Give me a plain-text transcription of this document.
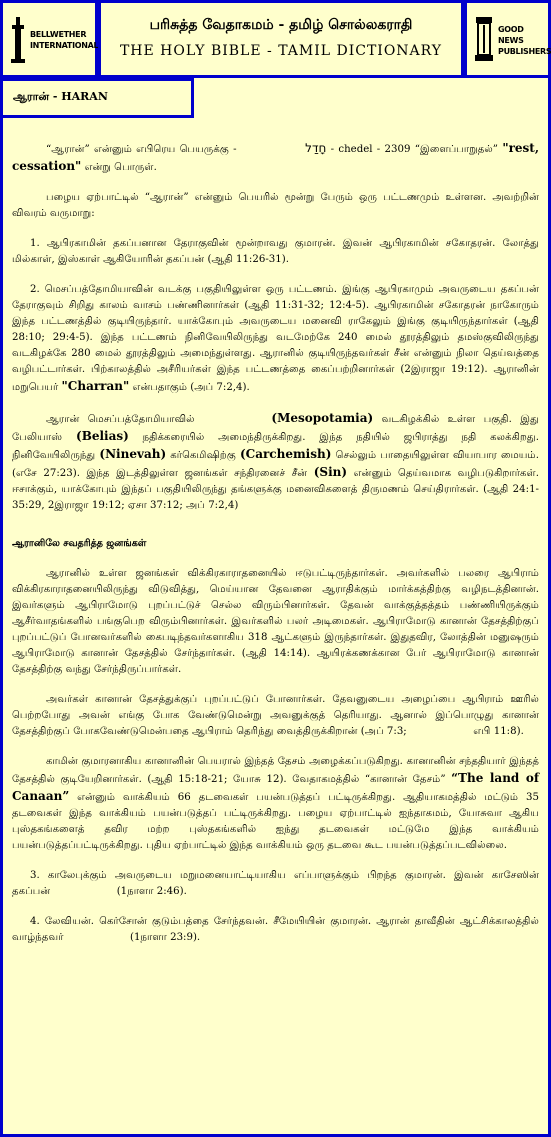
BELLWETHER
INTERNATIONAL
பரிசுத்த வேதாகமம் - தமிழ் சொல்லகராதி
THE HOLY BIBLE - TAMIL DICTIONARY
GOOD NEWS
PUBLISHERS
ஆரான் - HARAN

“ஆரான்” என்னும் எபிரெய பெயருக்கு -	חָדַל - chedel - 2309 “இளைப்பாறுதல்” "rest, cessation" என்று பொருள்.

பழைய ஏற்பாட்டில் “ஆரான்” என்னும் பெயரில் மூன்று பேரும் ஒரு பட்டணமும் உள்ளன. அவற்றின் விவரம் வருமாறு:

1. ஆபிரகாமின் தகப்பனான தேராகுவின் மூன்றாவது குமாரன். இவன் ஆபிரகாமின் சகோதரன். லோத்து மில்காள், இஸ்காள் ஆகியோரின் தகப்பன் (ஆதி 11:26-31).

2. மெசப்பத்தோமியாவின் வடக்கு பகுதியிலுள்ள ஒரு பட்டணம். இங்கு ஆபிரகாமும் அவருடைய தகப்பன் தேராகுவும் சிறிது காலம் வாசம் பண்ணினார்கள் (ஆதி 11:31-32; 12:4-5). ஆபிரகாமின் சகோதரன் நாகோரும் இந்த பட்டணத்தில் குடியிருந்தார். யாக்கோபும் அவருடைய மனைவி ராகேலும் இங்கு குடியிருந்தார்கள் (ஆதி 28:10; 29:4-5). இந்த பட்டணம் நினிவேயிலிருந்து வடமேற்கே 240 மைல் தூரத்திலும் தமஸ்குவிலிருந்து வடகிழக்கே 280 மைல் தூரத்திலும் அமைந்துள்ளது. ஆரானில் குடியிருந்தவர்கள் சீன் என்னும் நிலா தெய்வத்தை வழிபட்டார்கள். பிற்காலத்தில் அசீரியர்கள் இந்த பட்டணத்தை கைப்பற்றினார்கள் (2இராஜா 19:12). ஆரானின் மறுபெயர் "Charran" என்பதாகும் (அப் 7:2,4).

ஆரான் மெசப்பத்தோமியாவில்	(Mesopotamia) வடகிழக்கில் உள்ள பகுதி. இது பேலியாஸ் (Belias) நதிக்கரையில் அமைந்திருக்கிறது. இந்த நதியில் ஜபிராத்து நதி கலக்கிறது. நினிவேயிலிருந்து (Ninevah) கர்கெமிஷிற்கு (Carchemish) செல்லும் பாதையிலுள்ள வியாபார மையம். (எசே 27:23). இந்த இடத்திலுள்ள ஜனங்கள் சந்திரனைச் சீன் (Sin) என்னும் தெய்வமாக வழிபடுகிறார்கள். ஈசாக்கும், யாக்கோபும் இந்தப் பகுதியிலிருந்து தங்களுக்கு மனைவிகளைத் திருமணம் செய்திரார்கள். (ஆதி 24:1-35:29, 2இராஜா 19:12; ஏசா 37:12; அப் 7:2,4)

ஆரானிலே சவதரித்த ஜனங்கள்

ஆரானில் உள்ள ஜனங்கள் விக்கிரகாராதனையில் ஈடுபட்டிருந்தார்கள். அவர்களில் பலரை ஆபிராம் விக்கிரகாராதனையிலிருந்து விடுவித்து, மெய்யான தேவனை ஆராதிக்கும் மார்க்கத்திற்கு வழிநடத்தினான். இவர்களும் ஆபிராமோடு புறப்பட்டுச் செல்ல விரும்பினார்கள். தேவன் வாக்குத்தத்தம் பண்ணியிருக்கும் ஆசீர்வாதங்களில் பங்குபெற விரும்பினார்கள். இவர்களில் பலர் அடிமைகள். ஆபிராமோடு கானான் தேசத்திற்குப் புறப்பட்டுப் போனவர்களில் கைபடிந்தவர்களாகிய 318 ஆட்களும் இருந்தார்கள். இதுதவிர, லோத்தின் மனுஷரும் ஆபிராமோடு கானான் தேசத்தில் சேர்ந்தார்கள். (ஆதி 14:14). ஆயிரக்கணக்கான பேர் ஆபிராமோடு கானான் தேசத்திற்கு வந்து சேர்ந்திருப்பார்கள்.

அவர்கள் கானான் தேசத்துக்குப் புறப்பட்டுப் போனார்கள். தேவனுடைய அழைப்பை ஆபிராம் ஊரில் பெற்றபோது அவன் எங்கு போக வேண்டுமென்று அவனுக்குத் தெரியாது. ஆனால் இப்பொழுது கானான் தேசத்திற்குப் போகவேண்டுமென்பதை ஆபிராம் தெரிந்து வைத்திருக்கிறான் (அப் 7:3;	எபி 11:8).

காமின் குமாரனாகிய கானானின் பெயரால் இந்தத் தேசம் அழைக்கப்படுகிறது. கானானின் சந்ததியார் இந்தத் தேசத்தில் குடியேறினார்கள். (ஆதி 15:18-21; யோசு 12). வேதாகமத்தில் “கானான் தேசம்” “The land of Canaan” என்னும் வாக்கியம் 66 தடவைகள் பயன்படுத்தப் பட்டிருக்கிறது. ஆதியாகமத்தில் மட்டும் 35 தடவைகள் இந்த வாக்கியம் பயன்படுத்தப் பட்டிருக்கிறது. பழைய ஏற்பாட்டில் ஐந்தாகமம், யோசுவா ஆகிய புஸ்தகங்களைத் தவிர மற்ற புஸ்தகங்களில் ஐந்து தடவைகள் மட்டுமே இந்த வாக்கியம் பயன்படுத்தப்பட்டிருக்கிறது. புதிய ஏற்பாட்டில் இந்த வாக்கியம் ஒரு தடவை கூட பயன்படுத்தப்படவில்லை.

3. காலேபுக்கும் அவருடைய மறுமனையாட்டியாகிய எப்பாளுக்கும் பிறந்த குமாரன். இவன் காசேஸின் தகப்பன்	(1நாளா 2:46).

4. லேவியன். கெர்சோன் குடும்பத்தை சேர்ந்தவன். சீமேயியின் குமாரன். ஆரான் தாவீதின் ஆட்சிக்காலத்தில் வாழ்ந்தவர்	(1நாளா 23:9).
